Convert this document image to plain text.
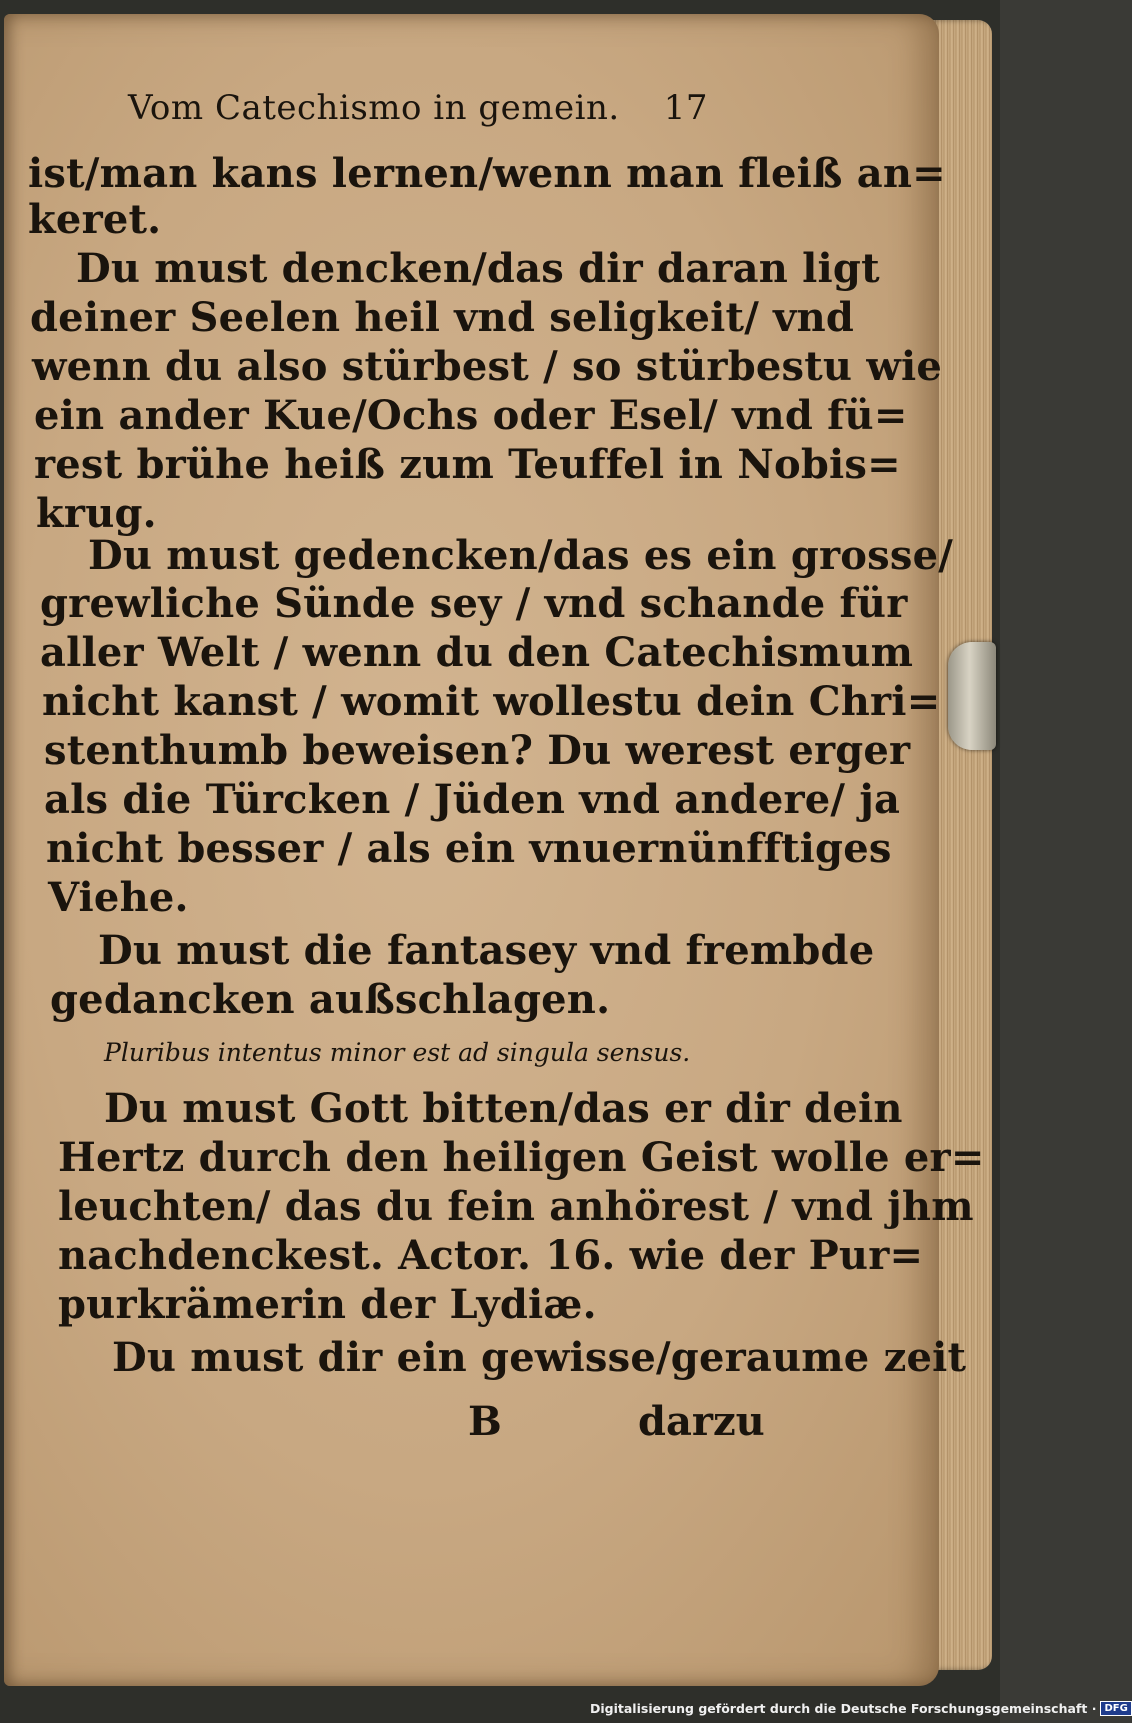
Vom Catechismo in gemein. 17
ist/man kans lernen/wenn man fleiß an=
keret.
Du must dencken/das dir daran ligt
deiner Seelen heil vnd seligkeit/ vnd
wenn du also stürbest / so stürbestu wie
ein ander Kue/Ochs oder Esel/ vnd fü=
rest brühe heiß zum Teuffel in Nobis=
krug.
Du must gedencken/das es ein grosse/
grewliche Sünde sey / vnd schande für
aller Welt / wenn du den Catechismum
nicht kanst / womit wollestu dein Chri=
stenthumb beweisen? Du werest erger
als die Türcken / Jüden vnd andere/ ja
nicht besser / als ein vnuernünfftiges
Viehe.
Du must die fantasey vnd frembde
gedancken außschlagen.
Pluribus intentus minor est ad singula sensus.
Du must Gott bitten/das er dir dein
Hertz durch den heiligen Geist wolle er=
leuchten/ das du fein anhörest / vnd jhm
nachdenckest. Actor. 16. wie der Pur=
purkrämerin der Lydiæ.
Du must dir ein gewisse/geraume zeit
B	darzu
Digitalisierung gefördert durch die Deutsche Forschungsgemeinschaft · DFG
